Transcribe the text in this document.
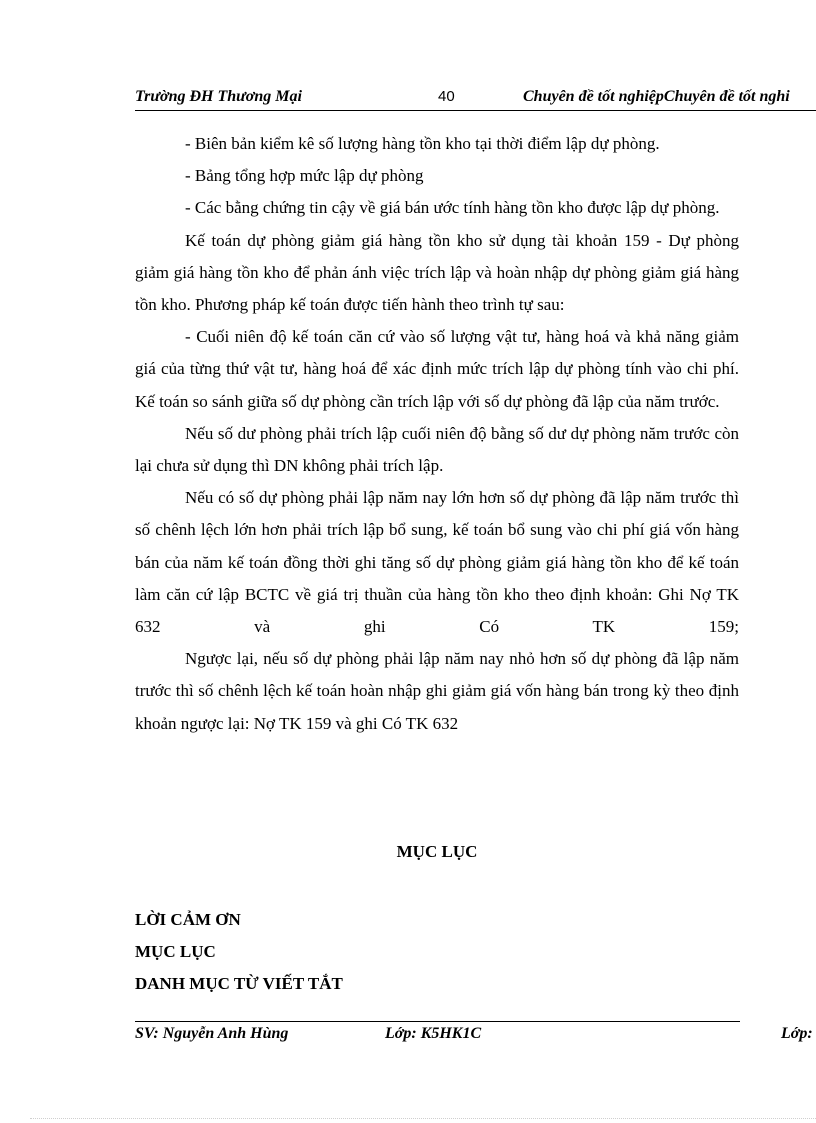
Trường ĐH Thương Mại	40	Chuyên đề tốt nghiệpChuyên đề tốt nghi

- Biên bản kiểm kê số lượng hàng tồn kho tại thời điểm lập dự phòng.

- Bảng tổng hợp mức lập dự phòng

- Các bằng chứng tin cậy về giá bán ước tính hàng tồn kho được lập dự phòng.

Kế toán dự phòng giảm giá hàng tồn kho sử dụng tài khoản 159 - Dự phòng giảm giá hàng tồn kho để phản ánh việc trích lập và hoàn nhập dự phòng giảm giá hàng tồn kho. Phương pháp kế toán được tiến hành theo trình tự sau:

- Cuối niên độ kế toán căn cứ vào số lượng vật tư, hàng hoá và khả năng giảm giá của từng thứ vật tư, hàng hoá để xác định mức trích lập dự phòng tính vào chi phí. Kế toán so sánh giữa số dự phòng cần trích lập với số dự phòng đã lập của năm trước.

Nếu số dư phòng phải trích lập cuối niên độ bằng số dư dự phòng năm trước còn lại chưa sử dụng thì DN không phải trích lập.

Nếu có số dự phòng phải lập năm nay lớn hơn số dự phòng đã lập năm trước thì số chênh lệch lớn hơn phải trích lập bổ sung, kế toán bổ sung vào chi phí giá vốn hàng bán của năm kế toán đồng thời ghi tăng số dự phòng giảm giá hàng tồn kho để kế toán làm căn cứ lập BCTC về giá trị thuần của hàng tồn kho theo định khoản: Ghi Nợ TK 632 và ghi Có TK 159;

Ngược lại, nếu số dự phòng phải lập năm nay nhỏ hơn số dự phòng đã lập năm trước thì số chênh lệch kế toán hoàn nhập ghi giảm giá vốn hàng bán trong kỳ theo định khoản ngược lại: Nợ TK 159 và ghi Có TK 632

MỤC LỤC
LỜI CẢM ƠN
MỤC LỤC
DANH MỤC TỪ VIẾT TẮT
SV: Nguyễn Anh Hùng	Lớp: K5HK1C	Lớp:
